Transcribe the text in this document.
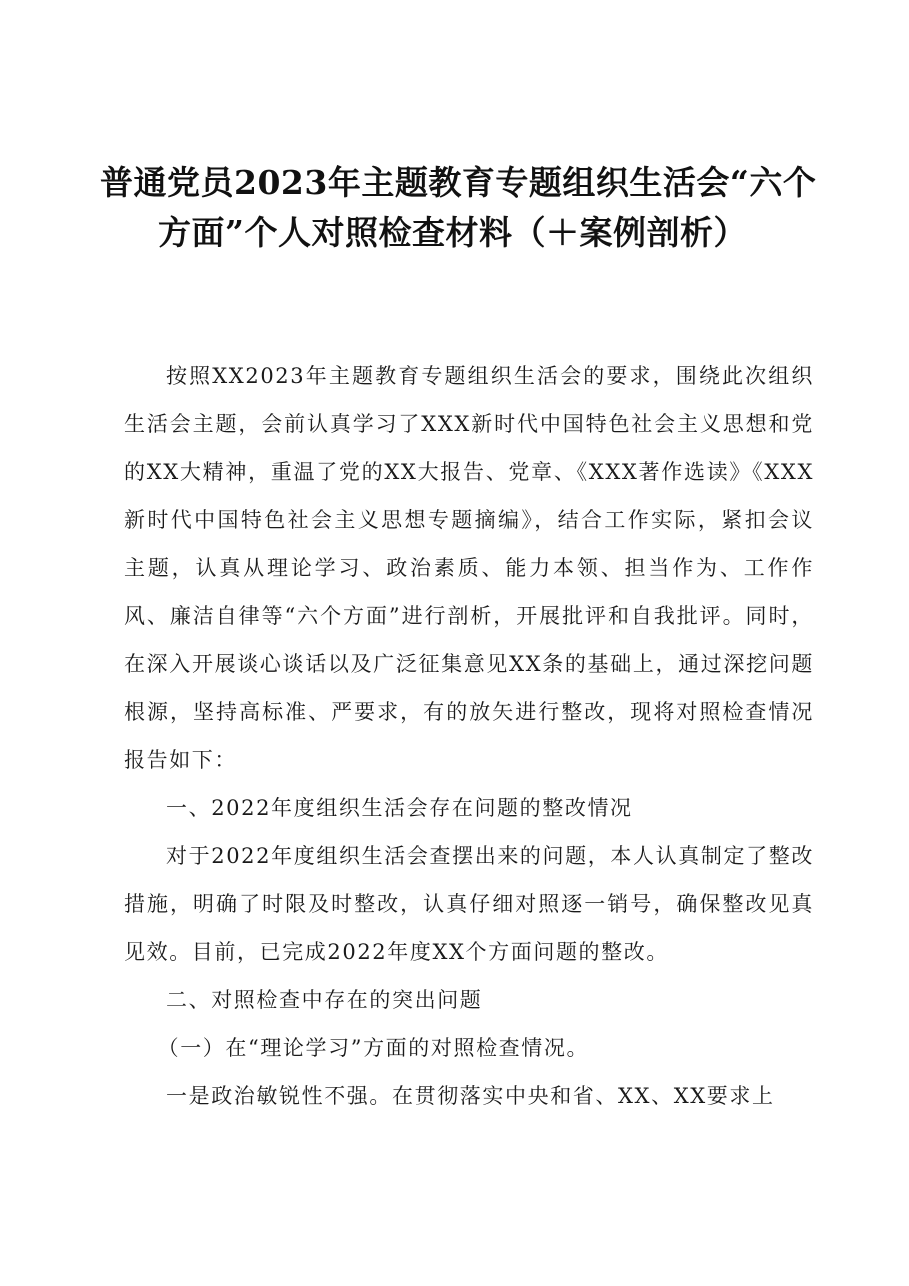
普通党员2023年主题教育专题组织生活会“六个
方面”个人对照检查材料（＋案例剖析）

按照XX2023年主题教育专题组织生活会的要求，围绕此次组织生活会主题，会前认真学习了XXX新时代中国特色社会主义思想和党的XX大精神，重温了党的XX大报告、党章、《XXX著作选读》《XXX新时代中国特色社会主义思想专题摘编》，结合工作实际，紧扣会议主题，认真从理论学习、政治素质、能力本领、担当作为、工作作风、廉洁自律等“六个方面”进行剖析，开展批评和自我批评。同时，在深入开展谈心谈话以及广泛征集意见XX条的基础上，通过深挖问题根源，坚持高标准、严要求，有的放矢进行整改，现将对照检查情况报告如下：

一、2022年度组织生活会存在问题的整改情况

对于2022年度组织生活会查摆出来的问题，本人认真制定了整改措施，明确了时限及时整改，认真仔细对照逐一销号，确保整改见真见效。目前，已完成2022年度XX个方面问题的整改。

二、对照检查中存在的突出问题

（一）在“理论学习”方面的对照检查情况。

一是政治敏锐性不强。在贯彻落实中央和省、XX、XX要求上
